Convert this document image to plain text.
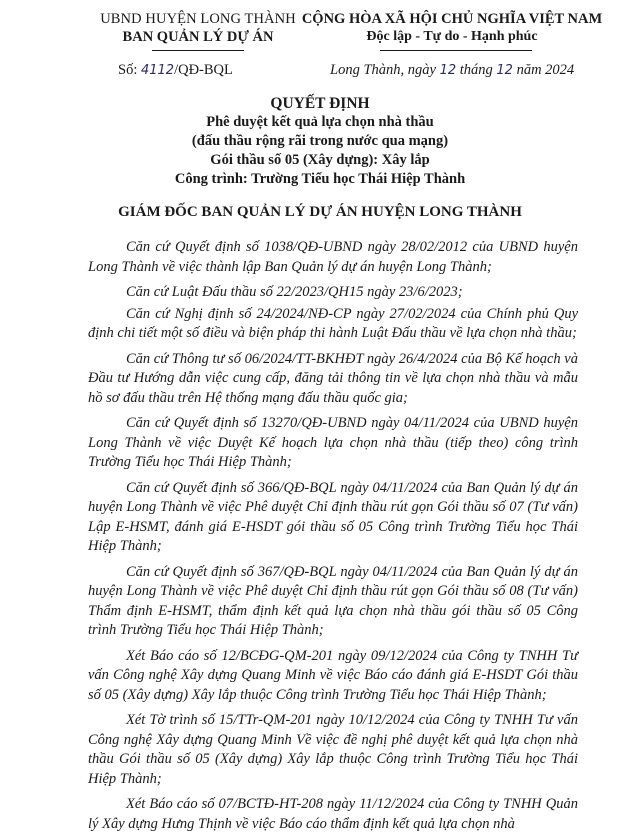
UBND HUYỆN LONG THÀNH
BAN QUẢN LÝ DỰ ÁN
CỘNG HÒA XÃ HỘI CHỦ NGHĨA VIỆT NAM
Độc lập - Tự do - Hạnh phúc
Số: 4112/QĐ-BQL	Long Thành, ngày 12 tháng 12 năm 2024
QUYẾT ĐỊNH
Phê duyệt kết quả lựa chọn nhà thầu
(đấu thầu rộng rãi trong nước qua mạng)
Gói thầu số 05 (Xây dựng): Xây lắp
Công trình: Trường Tiểu học Thái Hiệp Thành
GIÁM ĐỐC BAN QUẢN LÝ DỰ ÁN HUYỆN LONG THÀNH

Căn cứ Quyết định số 1038/QĐ-UBND ngày 28/02/2012 của UBND huyện Long Thành về việc thành lập Ban Quản lý dự án huyện Long Thành;

Căn cứ Luật Đấu thầu số 22/2023/QH15 ngày 23/6/2023;

Căn cứ Nghị định số 24/2024/NĐ-CP ngày 27/02/2024 của Chính phủ Quy định chi tiết một số điều và biện pháp thi hành Luật Đấu thầu về lựa chọn nhà thầu;

Căn cứ Thông tư số 06/2024/TT-BKHĐT ngày 26/4/2024 của Bộ Kế hoạch và Đầu tư Hướng dẫn việc cung cấp, đăng tải thông tin về lựa chọn nhà thầu và mẫu hồ sơ đấu thầu trên Hệ thống mạng đấu thầu quốc gia;

Căn cứ Quyết định số 13270/QĐ-UBND ngày 04/11/2024 của UBND huyện Long Thành về việc Duyệt Kế hoạch lựa chọn nhà thầu (tiếp theo) công trình Trường Tiểu học Thái Hiệp Thành;

Căn cứ Quyết định số 366/QĐ-BQL ngày 04/11/2024 của Ban Quản lý dự án huyện Long Thành về việc Phê duyệt Chỉ định thầu rút gọn Gói thầu số 07 (Tư vấn) Lập E-HSMT, đánh giá E-HSDT gói thầu số 05 Công trình Trường Tiểu học Thái Hiệp Thành;

Căn cứ Quyết định số 367/QĐ-BQL ngày 04/11/2024 của Ban Quản lý dự án huyện Long Thành về việc Phê duyệt Chỉ định thầu rút gọn Gói thầu số 08 (Tư vấn) Thẩm định E-HSMT, thẩm định kết quả lựa chọn nhà thầu gói thầu số 05 Công trình Trường Tiểu học Thái Hiệp Thành;

Xét Báo cáo số 12/BCĐG-QM-201 ngày 09/12/2024 của Công ty TNHH Tư vấn Công nghệ Xây dựng Quang Minh về việc Báo cáo đánh giá E-HSDT Gói thầu số 05 (Xây dựng) Xây lắp thuộc Công trình Trường Tiểu học Thái Hiệp Thành;

Xét Tờ trình số 15/TTr-QM-201 ngày 10/12/2024 của Công ty TNHH Tư vấn Công nghệ Xây dựng Quang Minh Về việc đề nghị phê duyệt kết quả lựa chọn nhà thầu Gói thầu số 05 (Xây dựng) Xây lắp thuộc Công trình Trường Tiểu học Thái Hiệp Thành;

Xét Báo cáo số 07/BCTĐ-HT-208 ngày 11/12/2024 của Công ty TNHH Quản lý Xây dựng Hưng Thịnh về việc Báo cáo thẩm định kết quả lựa chọn nhà
